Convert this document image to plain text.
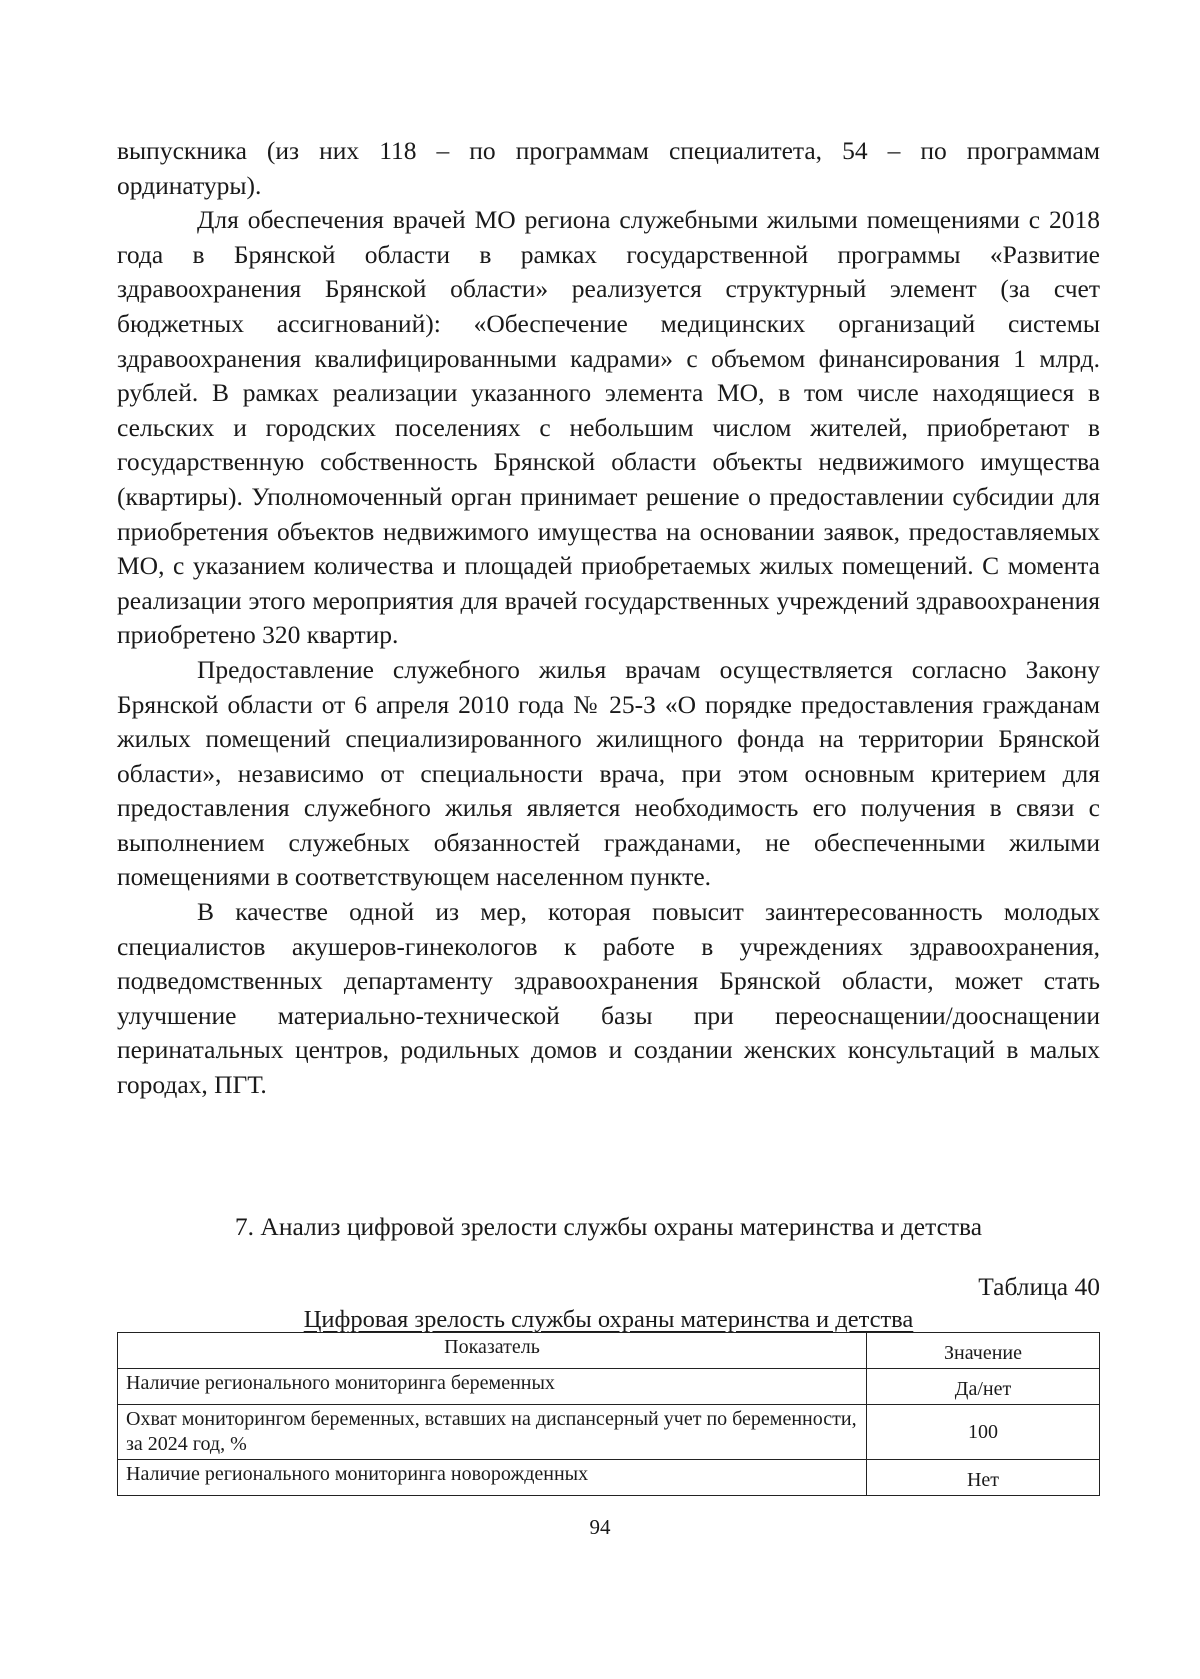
выпускника (из них 118 – по программам специалитета, 54 – по программам ординатуры).

Для обеспечения врачей МО региона служебными жилыми помещениями с 2018 года в Брянской области в рамках государственной программы «Развитие здравоохранения Брянской области» реализуется структурный элемент (за счет бюджетных ассигнований): «Обеспечение медицинских организаций системы здравоохранения квалифицированными кадрами» с объемом финансирования 1 млрд. рублей. В рамках реализации указанного элемента МО, в том числе находящиеся в сельских и городских поселениях с небольшим числом жителей, приобретают в государственную собственность Брянской области объекты недвижимого имущества (квартиры). Уполномоченный орган принимает решение о предоставлении субсидии для приобретения объектов недвижимого имущества на основании заявок, предоставляемых МО, с указанием количества и площадей приобретаемых жилых помещений. С момента реализации этого мероприятия для врачей государственных учреждений здравоохранения приобретено 320 квартир.

Предоставление служебного жилья врачам осуществляется согласно Закону Брянской области от 6 апреля 2010 года № 25-З «О порядке предоставления гражданам жилых помещений специализированного жилищного фонда на территории Брянской области», независимо от специальности врача, при этом основным критерием для предоставления служебного жилья является необходимость его получения в связи с выполнением служебных обязанностей гражданами, не обеспеченными жилыми помещениями в соответствующем населенном пункте.

В качестве одной из мер, которая повысит заинтересованность молодых специалистов акушеров-гинекологов к работе в учреждениях здравоохранения, подведомственных департаменту здравоохранения Брянской области, может стать улучшение материально-технической базы при переоснащении/дооснащении перинатальных центров, родильных домов и создании женских консультаций в малых городах, ПГТ.

7. Анализ цифровой зрелости службы охраны материнства и детства
Таблица 40
Цифровая зрелость службы охраны материнства и детства
Показатель	Значение
Наличие регионального мониторинга беременных	Да/нет
Охват мониторингом беременных, вставших на диспансерный учет по беременности, за 2024 год, %	100
Наличие регионального мониторинга новорожденных	Нет
94
